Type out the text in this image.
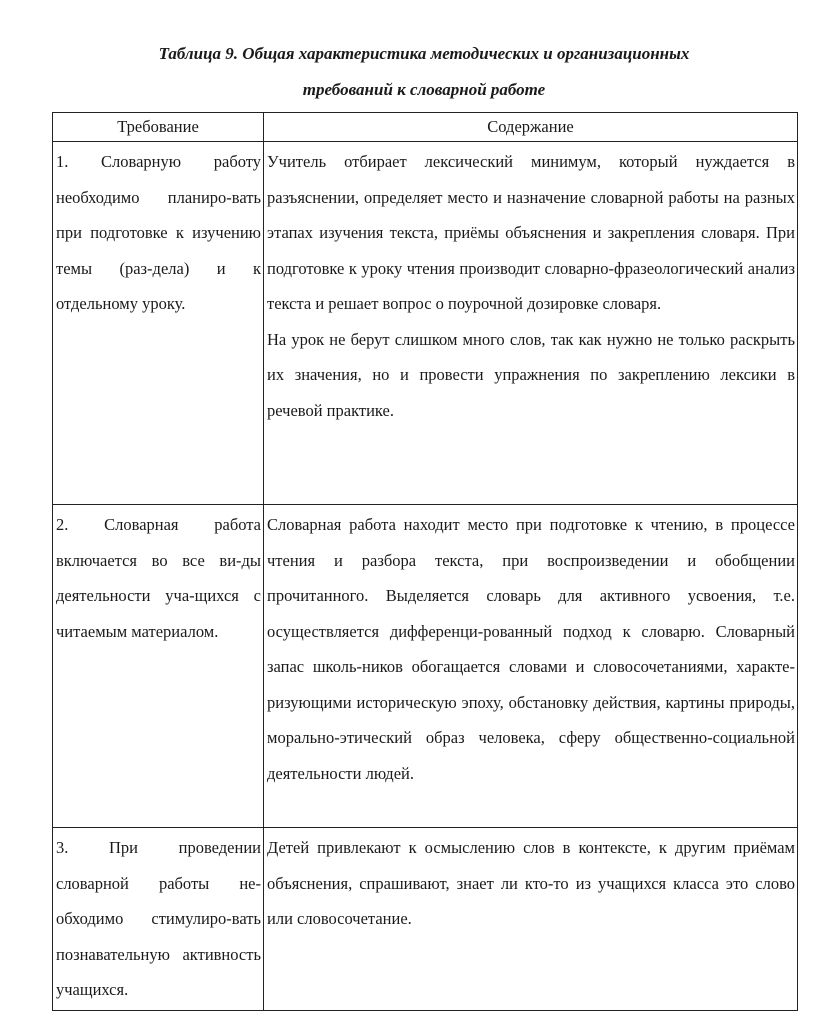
Таблица 9. Общая характеристика методических и организационных
требований к словарной работе
Требование	Содержание

1. Словарную работу необходимо планиро-вать при подготовке к изучению темы (раз-дела) и к отдельному уроку.	Учитель отбирает лексический минимум, который нуждается в разъяснении, определяет место и назначение словарной работы на разных этапах изучения текста, приёмы объяснения и закрепления словаря. При подготовке к уроку чтения производит словарно-фразеологический анализ текста и решает вопрос о поурочной дозировке словаря.
На урок не берут слишком много слов, так как нужно не только раскрыть их значения, но и провести упражнения по закреплению лексики в речевой практике.

2. Словарная работа включается во все ви-ды деятельности уча-щихся с читаемым материалом.	Словарная работа находит место при подготовке к чтению, в процессе чтения и разбора текста, при воспроизведении и обобщении прочитанного. Выделяется словарь для активного усвоения, т.е. осуществляется дифференци-рованный подход к словарю. Словарный запас школь-ников обогащается словами и словосочетаниями, характе-ризующими историческую эпоху, обстановку действия, картины природы, морально-этический образ человека, сферу общественно-социальной деятельности людей.

3. При проведении словарной работы не-обходимо стимулиро-вать познавательную активность учащихся.	Детей привлекают к осмыслению слов в контексте, к другим приёмам объяснения, спрашивают, знает ли кто-то из учащихся класса это слово или словосочетание.
